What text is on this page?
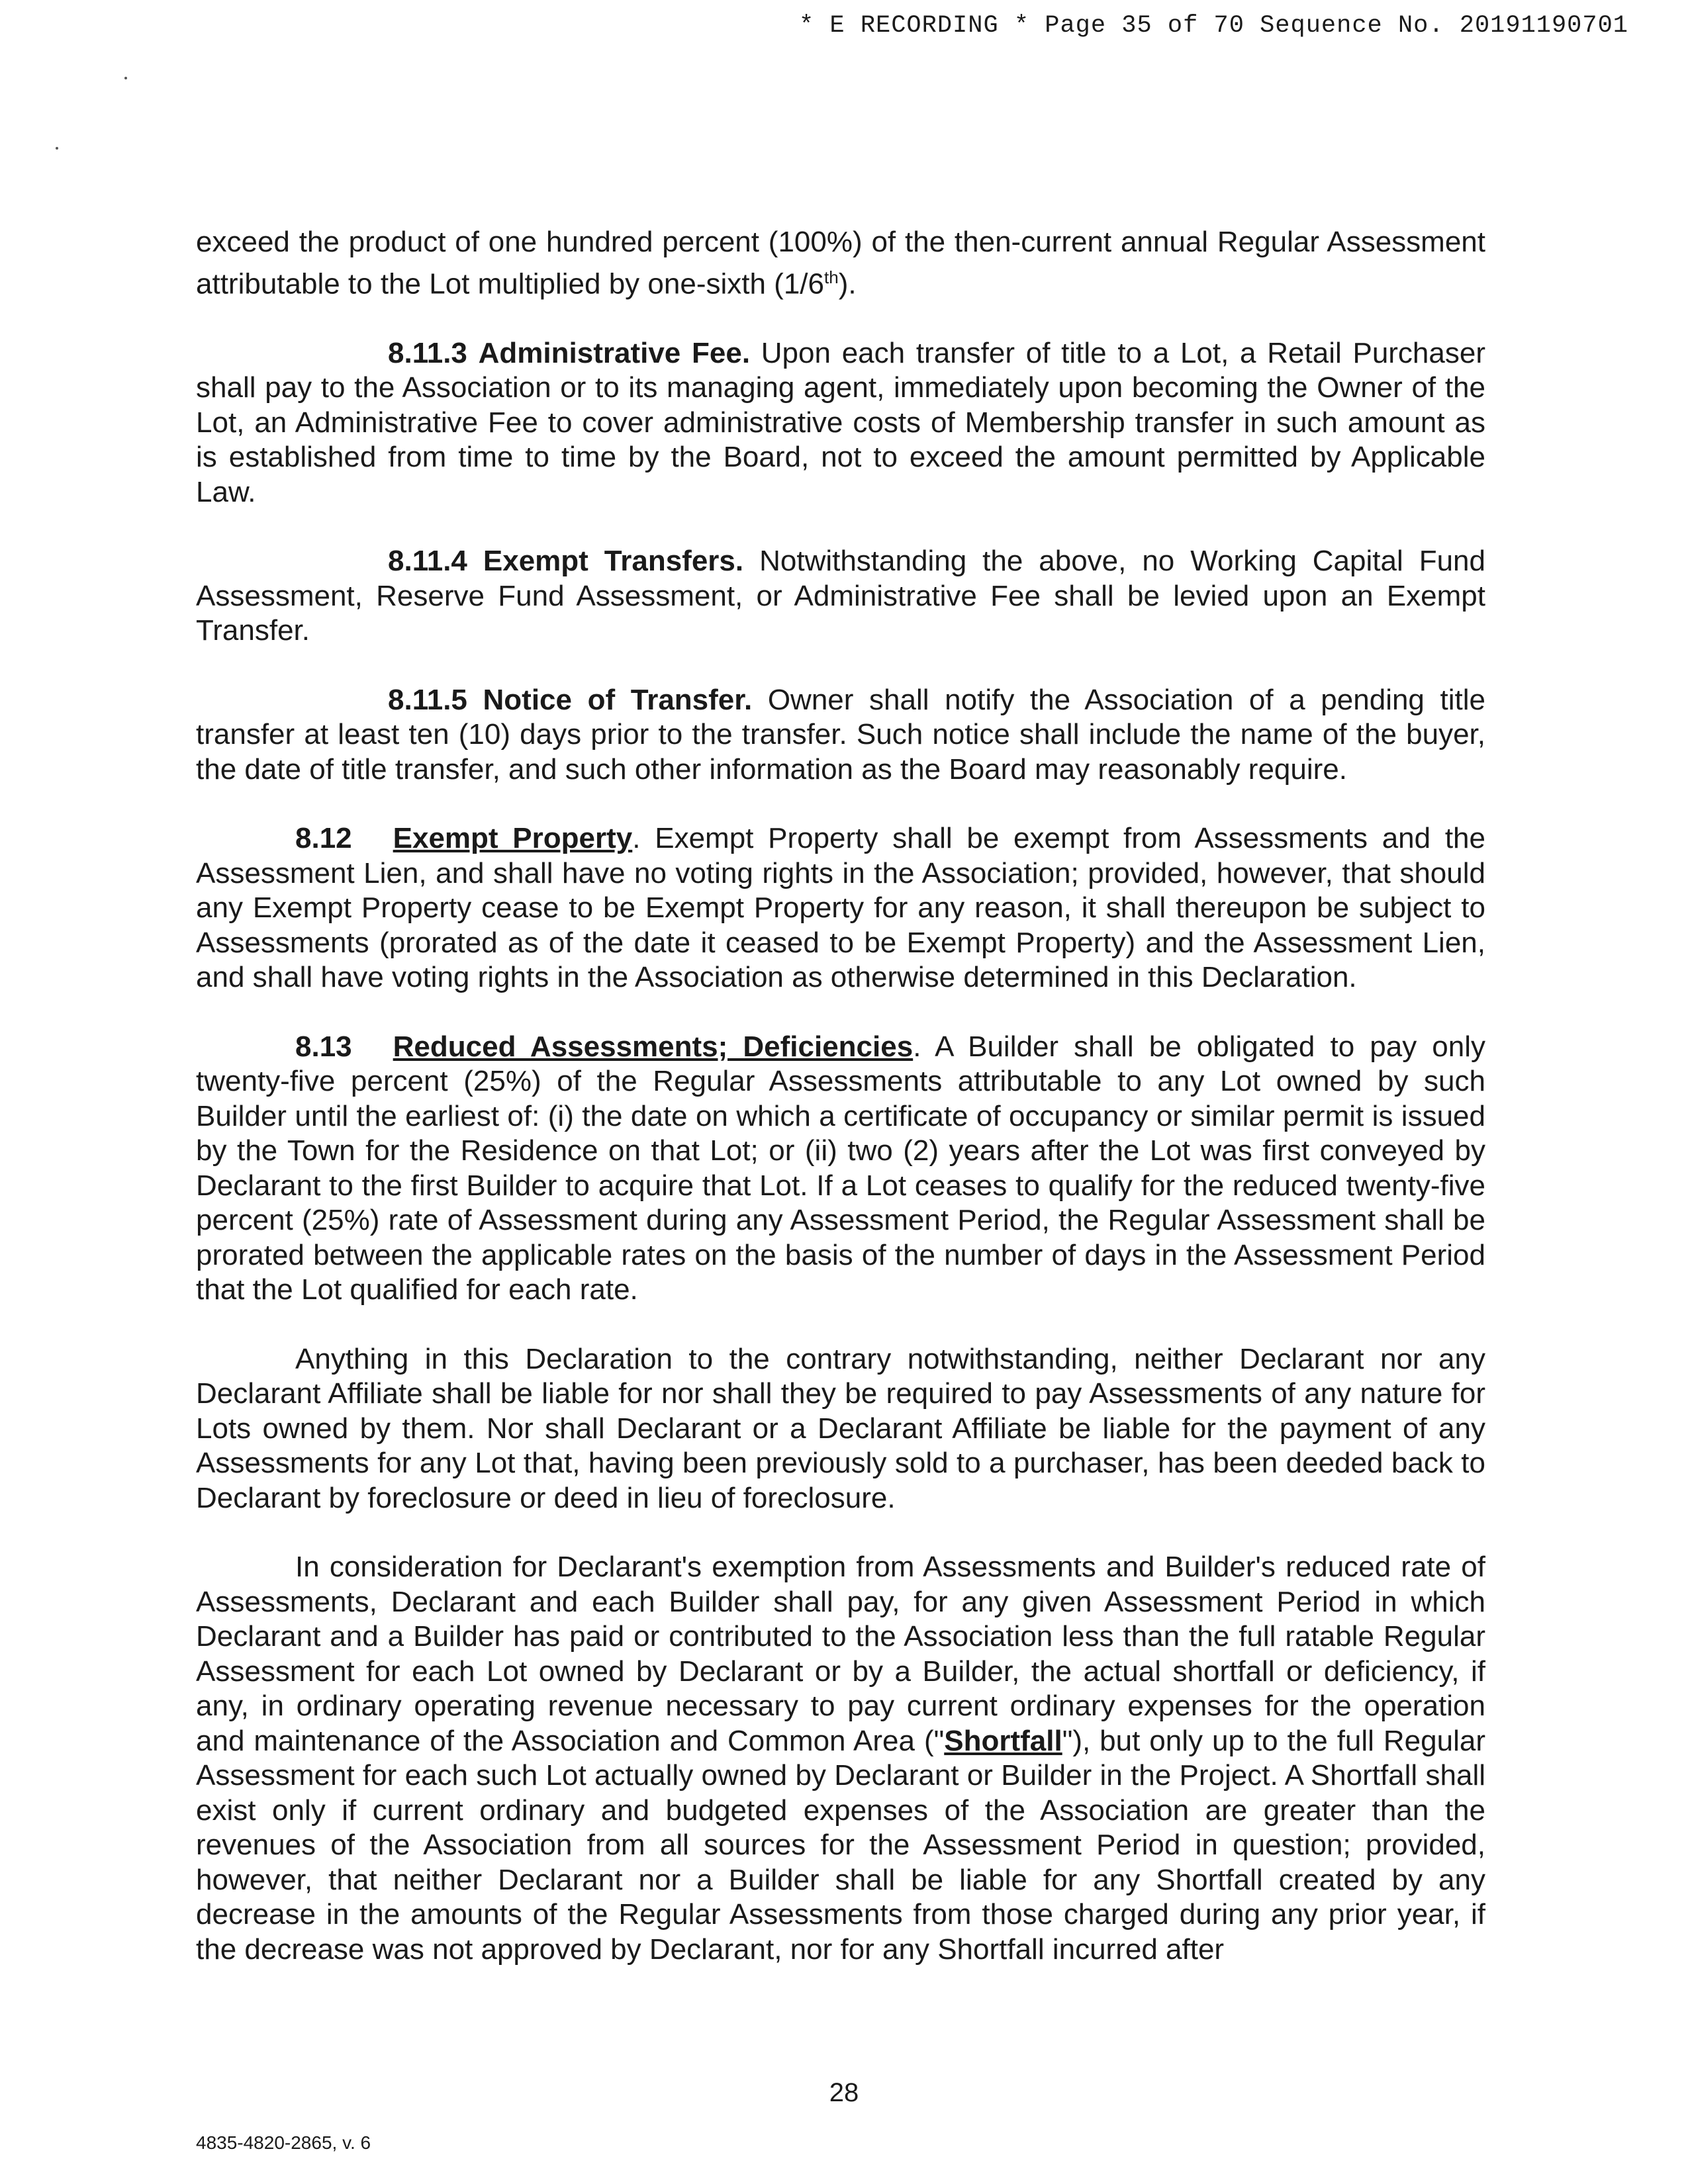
* E RECORDING * Page 35 of 70 Sequence No. 20191190701

exceed the product of one hundred percent (100%) of the then-current annual Regular Assessment attributable to the Lot multiplied by one-sixth (1/6th).

8.11.3 Administrative Fee. Upon each transfer of title to a Lot, a Retail Purchaser shall pay to the Association or to its managing agent, immediately upon becoming the Owner of the Lot, an Administrative Fee to cover administrative costs of Membership transfer in such amount as is established from time to time by the Board, not to exceed the amount permitted by Applicable Law.

8.11.4 Exempt Transfers. Notwithstanding the above, no Working Capital Fund Assessment, Reserve Fund Assessment, or Administrative Fee shall be levied upon an Exempt Transfer.

8.11.5 Notice of Transfer. Owner shall notify the Association of a pending title transfer at least ten (10) days prior to the transfer. Such notice shall include the name of the buyer, the date of title transfer, and such other information as the Board may reasonably require.

8.12 Exempt Property. Exempt Property shall be exempt from Assessments and the Assessment Lien, and shall have no voting rights in the Association; provided, however, that should any Exempt Property cease to be Exempt Property for any reason, it shall thereupon be subject to Assessments (prorated as of the date it ceased to be Exempt Property) and the Assessment Lien, and shall have voting rights in the Association as otherwise determined in this Declaration.

8.13 Reduced Assessments; Deficiencies. A Builder shall be obligated to pay only twenty-five percent (25%) of the Regular Assessments attributable to any Lot owned by such Builder until the earliest of: (i) the date on which a certificate of occupancy or similar permit is issued by the Town for the Residence on that Lot; or (ii) two (2) years after the Lot was first conveyed by Declarant to the first Builder to acquire that Lot. If a Lot ceases to qualify for the reduced twenty-five percent (25%) rate of Assessment during any Assessment Period, the Regular Assessment shall be prorated between the applicable rates on the basis of the number of days in the Assessment Period that the Lot qualified for each rate.

Anything in this Declaration to the contrary notwithstanding, neither Declarant nor any Declarant Affiliate shall be liable for nor shall they be required to pay Assessments of any nature for Lots owned by them. Nor shall Declarant or a Declarant Affiliate be liable for the payment of any Assessments for any Lot that, having been previously sold to a purchaser, has been deeded back to Declarant by foreclosure or deed in lieu of foreclosure.

In consideration for Declarant's exemption from Assessments and Builder's reduced rate of Assessments, Declarant and each Builder shall pay, for any given Assessment Period in which Declarant and a Builder has paid or contributed to the Association less than the full ratable Regular Assessment for each Lot owned by Declarant or by a Builder, the actual shortfall or deficiency, if any, in ordinary operating revenue necessary to pay current ordinary expenses for the operation and maintenance of the Association and Common Area ("Shortfall"), but only up to the full Regular Assessment for each such Lot actually owned by Declarant or Builder in the Project. A Shortfall shall exist only if current ordinary and budgeted expenses of the Association are greater than the revenues of the Association from all sources for the Assessment Period in question; provided, however, that neither Declarant nor a Builder shall be liable for any Shortfall created by any decrease in the amounts of the Regular Assessments from those charged during any prior year, if the decrease was not approved by Declarant, nor for any Shortfall incurred after

28
4835-4820-2865, v. 6
